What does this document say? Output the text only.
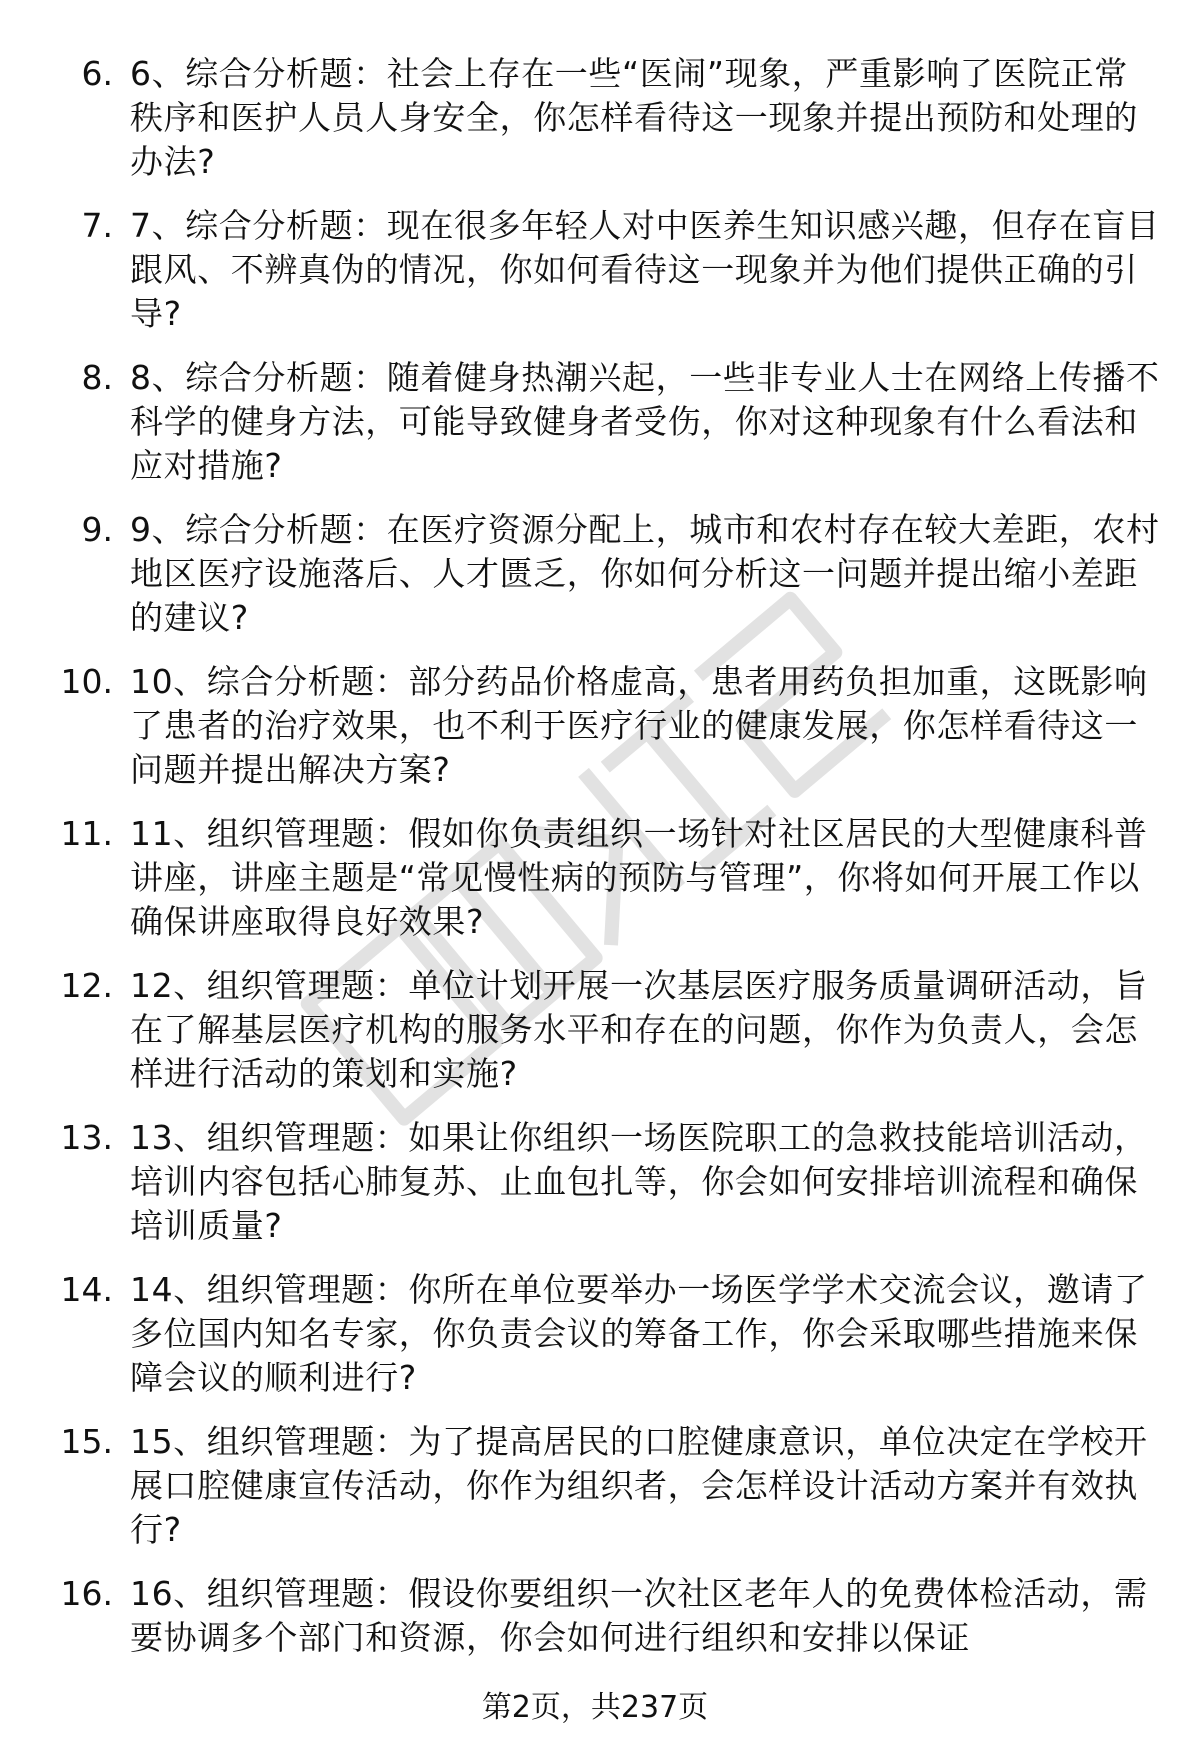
6. 6、综合分析题：社会上存在一些“医闹”现象，严重影响了医院正常秩序和医护人员人身安全，你怎样看待这一现象并提出预防和处理的办法?
7. 7、综合分析题：现在很多年轻人对中医养生知识感兴趣，但存在盲目跟风、不辨真伪的情况，你如何看待这一现象并为他们提供正确的引导?
8. 8、综合分析题：随着健身热潮兴起，一些非专业人士在网络上传播不科学的健身方法，可能导致健身者受伤，你对这种现象有什么看法和应对措施?
9. 9、综合分析题：在医疗资源分配上，城市和农村存在较大差距，农村地区医疗设施落后、人才匮乏，你如何分析这一问题并提出缩小差距的建议?
10. 10、综合分析题：部分药品价格虚高，患者用药负担加重，这既影响了患者的治疗效果，也不利于医疗行业的健康发展，你怎样看待这一问题并提出解决方案?
11. 11、组织管理题：假如你负责组织一场针对社区居民的大型健康科普讲座，讲座主题是“常见慢性病的预防与管理”，你将如何开展工作以确保讲座取得良好效果?
12. 12、组织管理题：单位计划开展一次基层医疗服务质量调研活动，旨在了解基层医疗机构的服务水平和存在的问题，你作为负责人，会怎样进行活动的策划和实施?
13. 13、组织管理题：如果让你组织一场医院职工的急救技能培训活动，培训内容包括心肺复苏、止血包扎等，你会如何安排培训流程和确保培训质量?
14. 14、组织管理题：你所在单位要举办一场医学学术交流会议，邀请了多位国内知名专家，你负责会议的筹备工作，你会采取哪些措施来保障会议的顺利进行?
15. 15、组织管理题：为了提高居民的口腔健康意识，单位决定在学校开展口腔健康宣传活动，你作为组织者，会怎样设计活动方案并有效执行?
16. 16、组织管理题：假设你要组织一次社区老年人的免费体检活动，需要协调多个部门和资源，你会如何进行组织和安排以保证
第2页，共237页
